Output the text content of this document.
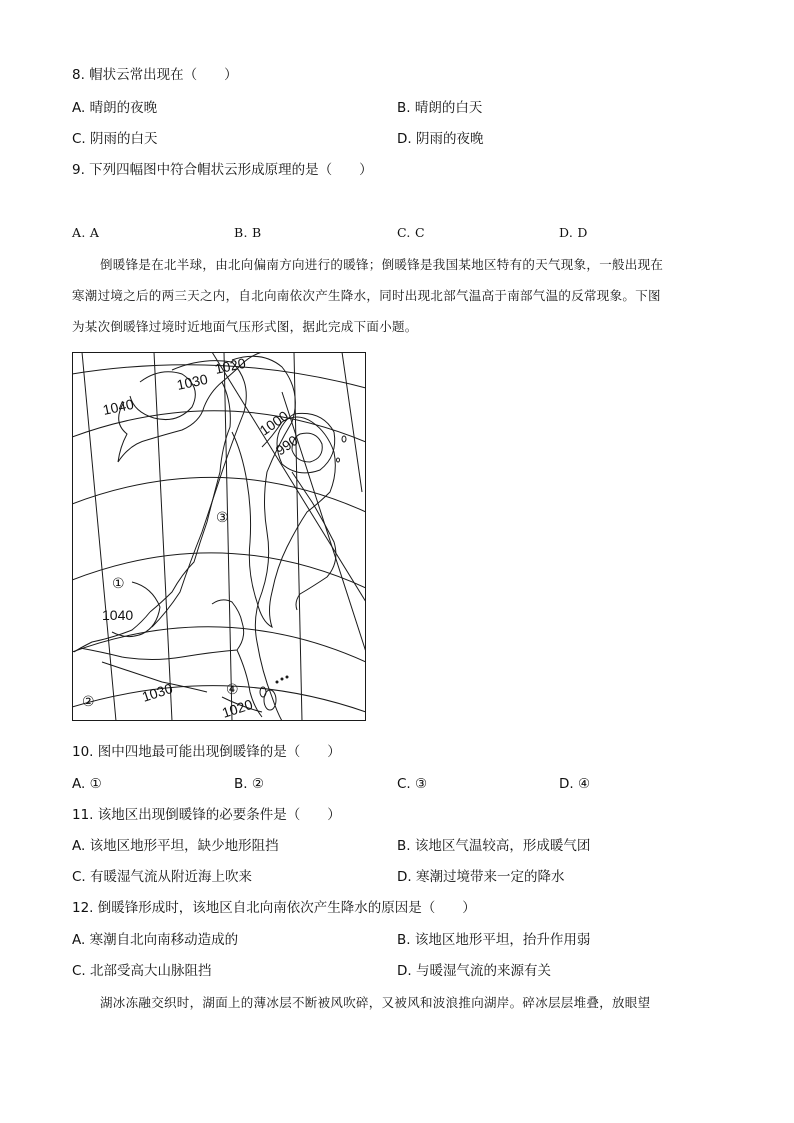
8. 帽状云常出现在（　　）
A. 晴朗的夜晚	B. 晴朗的白天
C. 阴雨的白天	D. 阴雨的夜晚
9. 下列四幅图中符合帽状云形成原理的是（　　）
A. A	B. B	C. C	D. D
倒暖锋是在北半球，由北向偏南方向进行的暖锋；倒暖锋是我国某地区特有的天气现象，一般出现在
寒潮过境之后的两三天之内，自北向南依次产生降水，同时出现北部气温高于南部气温的反常现象。下图
为某次倒暖锋过境时近地面气压形式图，据此完成下面小题。
1040
1030
1020
1000
990
1040
1030
1020
①
②
③
④
10. 图中四地最可能出现倒暖锋的是（　　）
A. ①	B. ②	C. ③	D. ④
11. 该地区出现倒暖锋的必要条件是（　　）
A. 该地区地形平坦，缺少地形阻挡	B. 该地区气温较高，形成暖气团
C. 有暖湿气流从附近海上吹来	D. 寒潮过境带来一定的降水
12. 倒暖锋形成时，该地区自北向南依次产生降水的原因是（　　）
A. 寒潮自北向南移动造成的	B. 该地区地形平坦，抬升作用弱
C. 北部受高大山脉阻挡	D. 与暖湿气流的来源有关
湖冰冻融交织时，湖面上的薄冰层不断被风吹碎，又被风和波浪推向湖岸。碎冰层层堆叠，放眼望
